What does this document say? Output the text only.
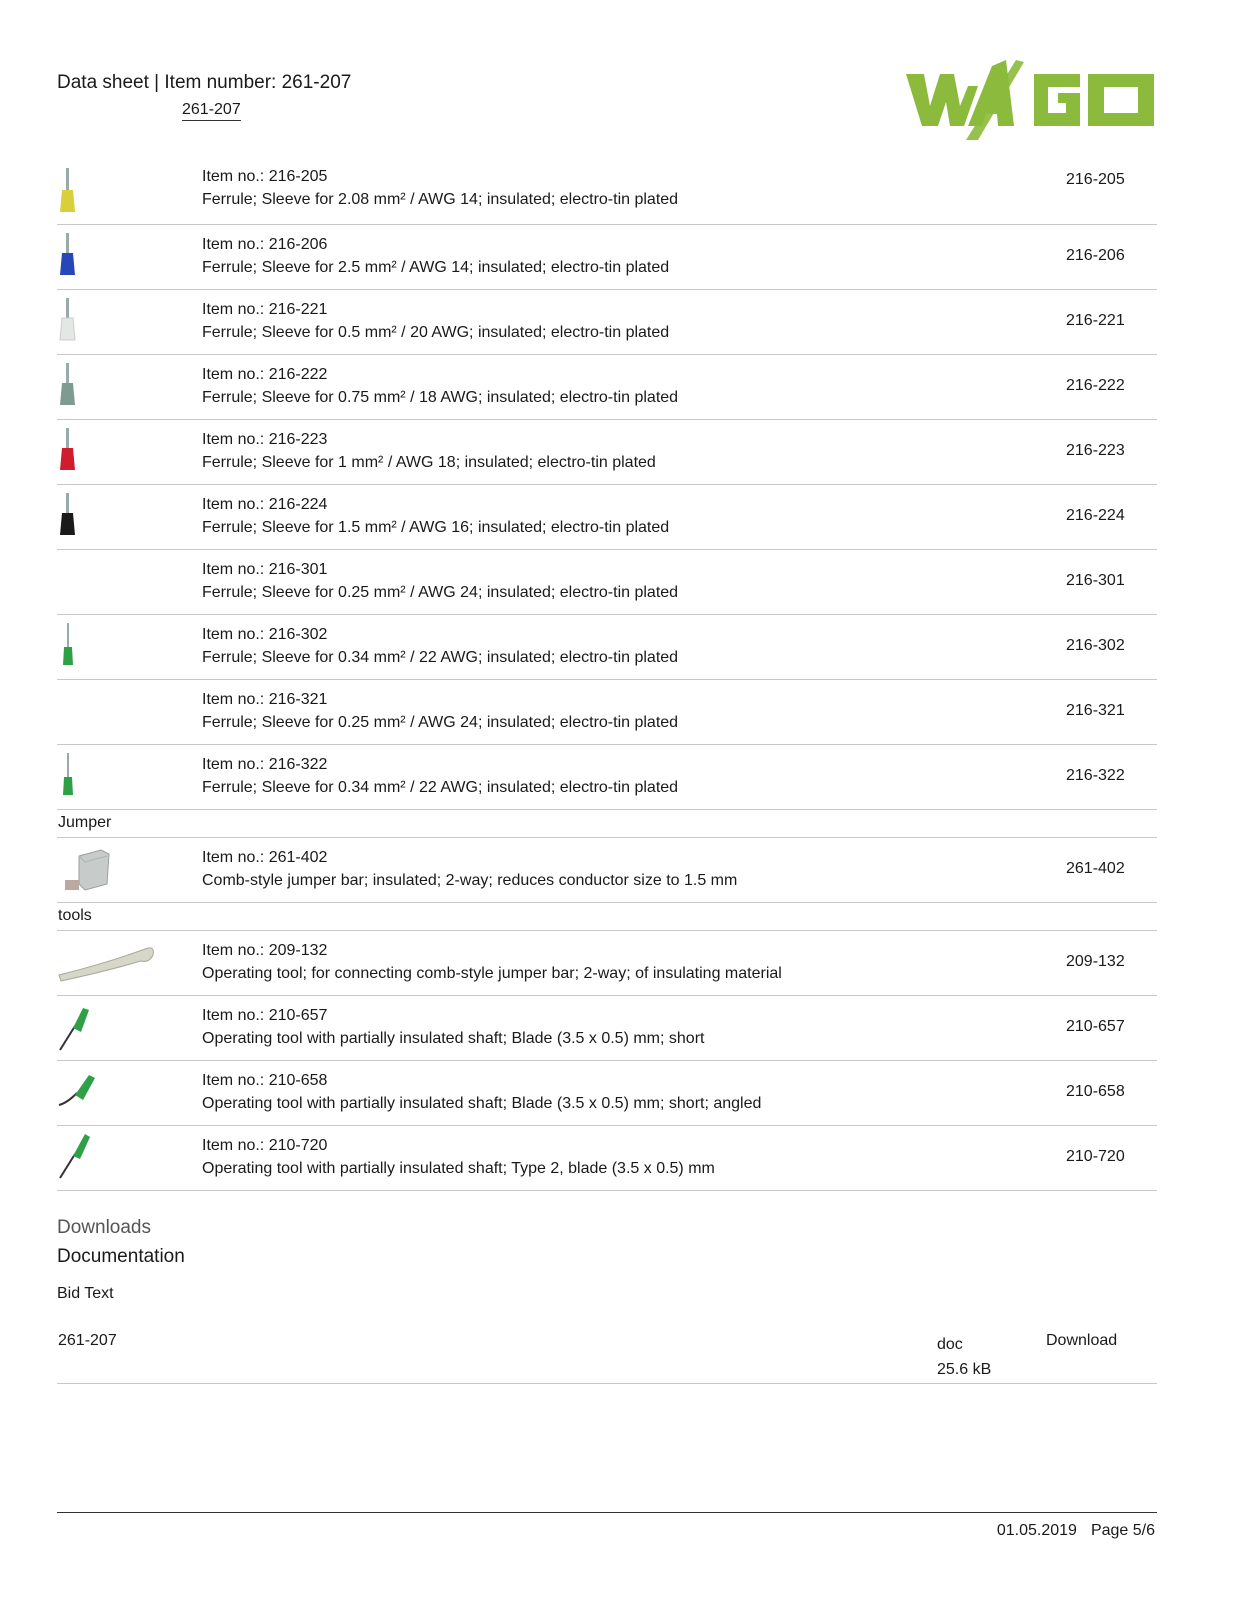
Data sheet | Item number: 261-207
261-207
Item no.: 216-205
Ferrule; Sleeve for 2.08 mm² / AWG 14; insulated; electro-tin plated
216-205
Item no.: 216-206
Ferrule; Sleeve for 2.5 mm² / AWG 14; insulated; electro-tin plated
216-206
Item no.: 216-221
Ferrule; Sleeve for 0.5 mm² / 20 AWG; insulated; electro-tin plated
216-221
Item no.: 216-222
Ferrule; Sleeve for 0.75 mm² / 18 AWG; insulated; electro-tin plated
216-222
Item no.: 216-223
Ferrule; Sleeve for 1 mm² / AWG 18; insulated; electro-tin plated
216-223
Item no.: 216-224
Ferrule; Sleeve for 1.5 mm² / AWG 16; insulated; electro-tin plated
216-224
Item no.: 216-301
Ferrule; Sleeve for 0.25 mm² / AWG 24; insulated; electro-tin plated
216-301
Item no.: 216-302
Ferrule; Sleeve for 0.34 mm² / 22 AWG; insulated; electro-tin plated
216-302
Item no.: 216-321
Ferrule; Sleeve for 0.25 mm² / AWG 24; insulated; electro-tin plated
216-321
Item no.: 216-322
Ferrule; Sleeve for 0.34 mm² / 22 AWG; insulated; electro-tin plated
216-322
Jumper
Item no.: 261-402
Comb-style jumper bar; insulated; 2-way; reduces conductor size to 1.5 mm
261-402
tools
Item no.: 209-132
Operating tool; for connecting comb-style jumper bar; 2-way; of insulating material
209-132
Item no.: 210-657
Operating tool with partially insulated shaft; Blade (3.5 x 0.5) mm; short
210-657
Item no.: 210-658
Operating tool with partially insulated shaft; Blade (3.5 x 0.5) mm; short; angled
210-658
Item no.: 210-720
Operating tool with partially insulated shaft; Type 2, blade (3.5 x 0.5) mm
210-720
Downloads
Documentation
Bid Text
261-207	doc
25.6 kB
Download
01.05.2019 Page 5/6
